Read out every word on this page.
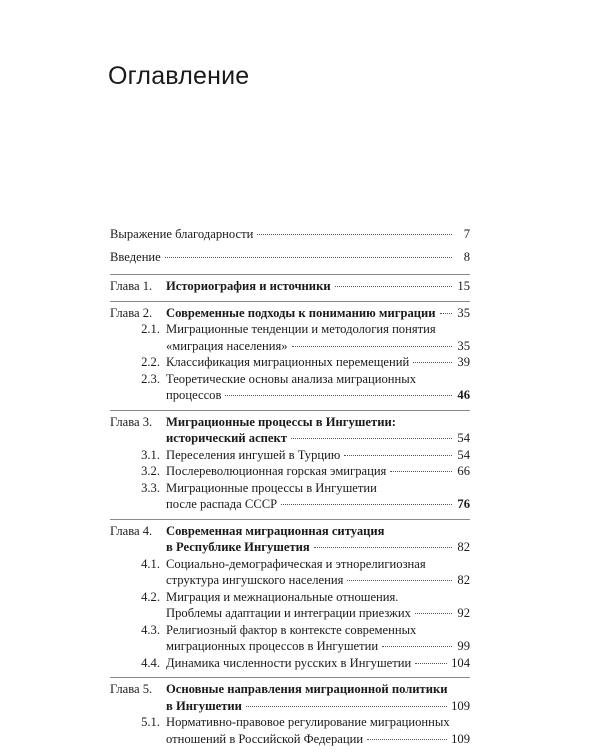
Оглавление
Выражение благодарности	7
Введение	8
Глава 1.	Историография и источники	15
Глава 2.	Современные подходы к пониманию миграции 35
2.1. Миграционные тенденции и методология понятия
«миграция населения»	35
2.2. Классификация миграционных перемещений	39
2.3. Теоретические основы анализа миграционных
процессов	46
Глава 3.	Миграционные процессы в Ингушетии:
исторический аспект	54
3.1. Переселения ингушей в Турцию	54
3.2. Послереволюционная горская эмиграция	66
3.3. Миграционные процессы в Ингушетии
после распада СССР	76
Глава 4.	Современная миграционная ситуация
в Республике Ингушетия	82
4.1. Социально-демографическая и этнорелигиозная
структура ингушского населения	82
4.2. Миграция и межнациональные отношения.
Проблемы адаптации и интеграции приезжих	92
4.3. Религиозный фактор в контексте современных
миграционных процессов в Ингушетии	99
4.4. Динамика численности русских в Ингушетии	104
Глава 5.	Основные направления миграционной политики
в Ингушетии	109
5.1. Нормативно-правовое регулирование миграционных
отношений в Российской Федерации	109
